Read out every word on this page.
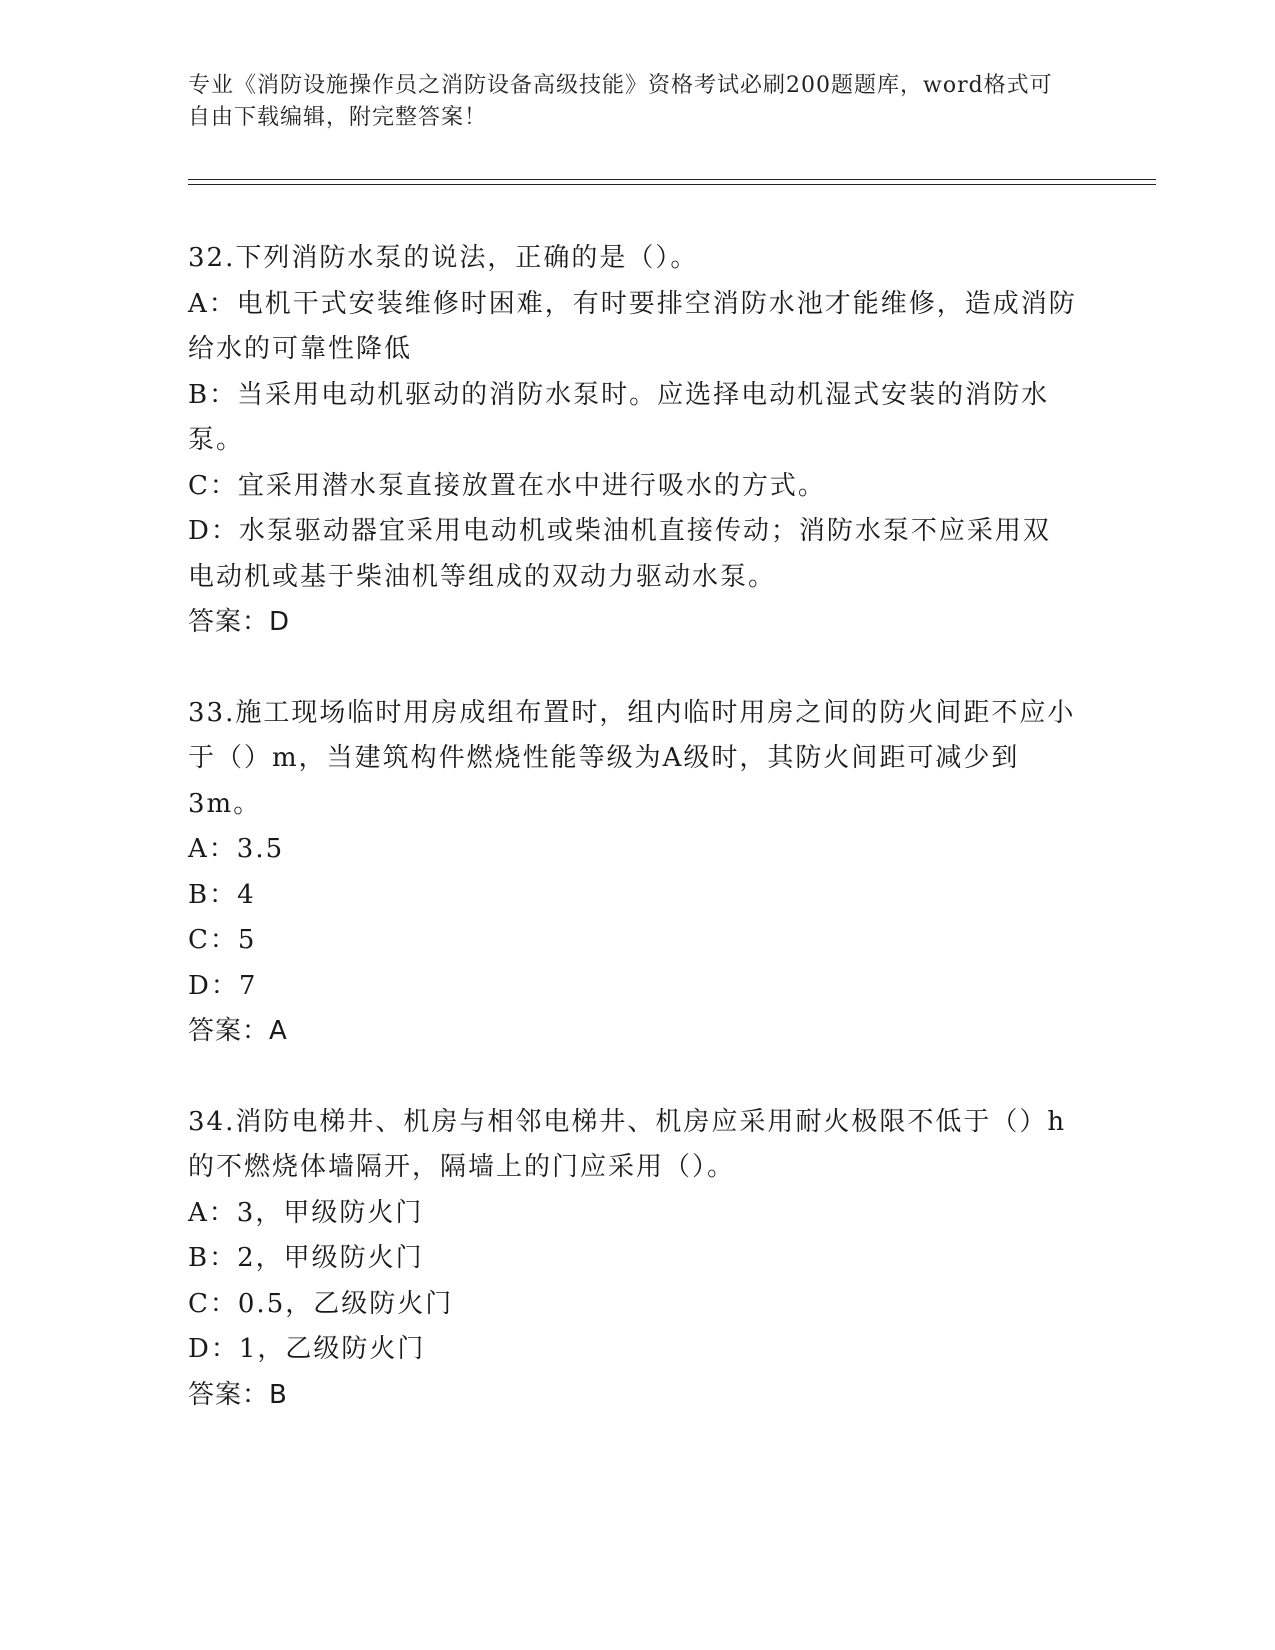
专业《消防设施操作员之消防设备高级技能》资格考试必刷200题题库，word格式可自由下载编辑，附完整答案！

32.下列消防水泵的说法，正确的是（）。

A：电机干式安装维修时困难，有时要排空消防水池才能维修，造成消防给水的可靠性降低

B：当采用电动机驱动的消防水泵时。应选择电动机湿式安装的消防水泵。

C：宜采用潜水泵直接放置在水中进行吸水的方式。

D：水泵驱动器宜采用电动机或柴油机直接传动；消防水泵不应采用双电动机或基于柴油机等组成的双动力驱动水泵。

答案：D

33.施工现场临时用房成组布置时，组内临时用房之间的防火间距不应小于（）m，当建筑构件燃烧性能等级为A级时，其防火间距可减少到3m。

A：3.5

B：4

C：5

D：7

答案：A

34.消防电梯井、机房与相邻电梯井、机房应采用耐火极限不低于（）h的不燃烧体墙隔开，隔墙上的门应采用（）。

A：3，甲级防火门

B：2，甲级防火门

C：0.5，乙级防火门

D：1，乙级防火门

答案：B
